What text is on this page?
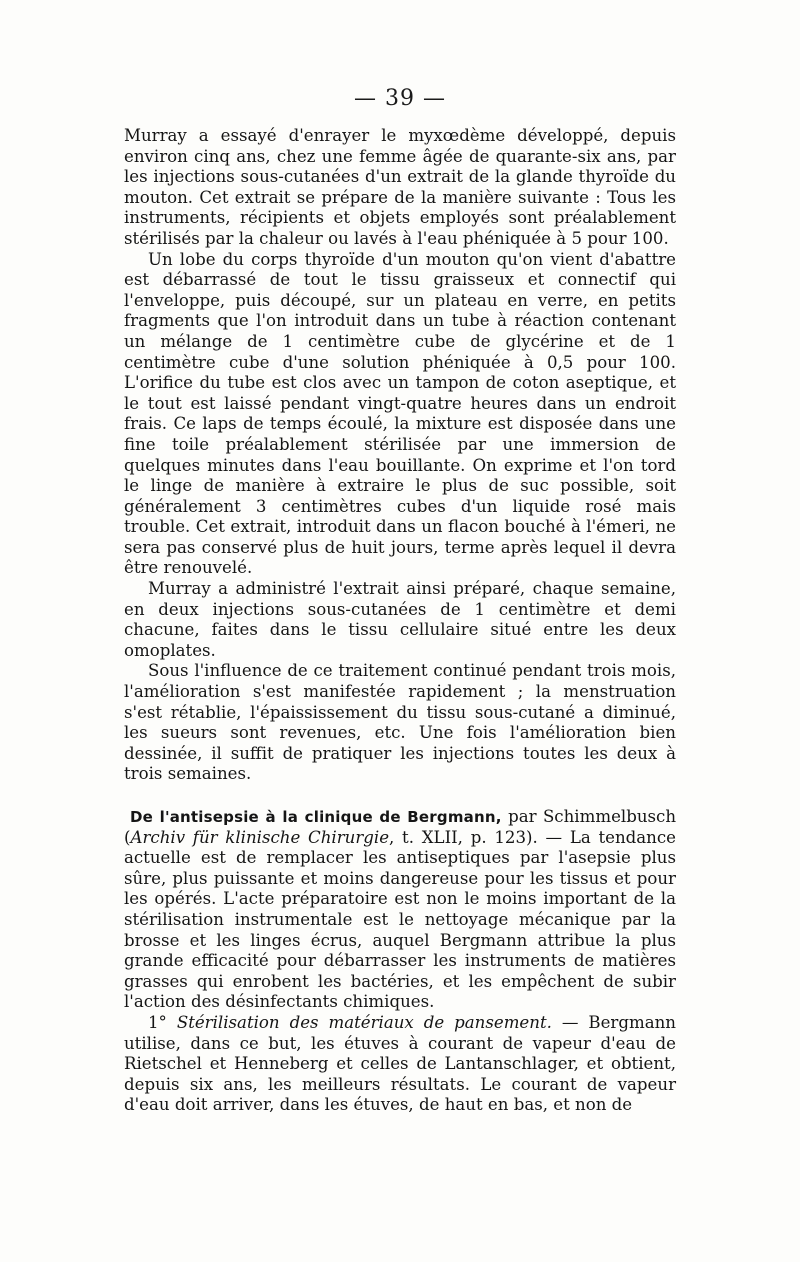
— 39 —

Murray a essayé d'enrayer le myxœdème développé, depuis environ cinq ans, chez une femme âgée de quarante-six ans, par les injections sous-cutanées d'un extrait de la glande thyroïde du mouton. Cet extrait se prépare de la manière suivante : Tous les instruments, récipients et objets employés sont préalablement stérilisés par la chaleur ou lavés à l'eau phéniquée à 5 pour 100.

Un lobe du corps thyroïde d'un mouton qu'on vient d'abattre est débarrassé de tout le tissu graisseux et connectif qui l'enveloppe, puis découpé, sur un plateau en verre, en petits fragments que l'on introduit dans un tube à réaction contenant un mélange de 1 centimètre cube de glycérine et de 1 centimètre cube d'une solution phéniquée à 0,5 pour 100. L'orifice du tube est clos avec un tampon de coton aseptique, et le tout est laissé pendant vingt-quatre heures dans un endroit frais. Ce laps de temps écoulé, la mixture est disposée dans une fine toile préalablement stérilisée par une immersion de quelques minutes dans l'eau bouillante. On exprime et l'on tord le linge de manière à extraire le plus de suc possible, soit généralement 3 centimètres cubes d'un liquide rosé mais trouble. Cet extrait, introduit dans un flacon bouché à l'émeri, ne sera pas conservé plus de huit jours, terme après lequel il devra être renouvelé.

Murray a administré l'extrait ainsi préparé, chaque semaine, en deux injections sous-cutanées de 1 centimètre et demi chacune, faites dans le tissu cellulaire situé entre les deux omoplates.

Sous l'influence de ce traitement continué pendant trois mois, l'amélioration s'est manifestée rapidement ; la menstruation s'est rétablie, l'épaississement du tissu sous-cutané a diminué, les sueurs sont revenues, etc. Une fois l'amélioration bien dessinée, il suffit de pratiquer les injections toutes les deux à trois semaines.

De l'antisepsie à la clinique de Bergmann, par Schimmelbusch (Archiv für klinische Chirurgie, t. XLII, p. 123). — La tendance actuelle est de remplacer les antiseptiques par l'asepsie plus sûre, plus puissante et moins dangereuse pour les tissus et pour les opérés. L'acte préparatoire est non le moins important de la stérilisation instrumentale est le nettoyage mécanique par la brosse et les linges écrus, auquel Bergmann attribue la plus grande efficacité pour débarrasser les instruments de matières grasses qui enrobent les bactéries, et les empêchent de subir l'action des désinfectants chimiques.

1° Stérilisation des matériaux de pansement. — Bergmann utilise, dans ce but, les étuves à courant de vapeur d'eau de Rietschel et Henneberg et celles de Lantanschlager, et obtient, depuis six ans, les meilleurs résultats. Le courant de vapeur d'eau doit arriver, dans les étuves, de haut en bas, et non de
